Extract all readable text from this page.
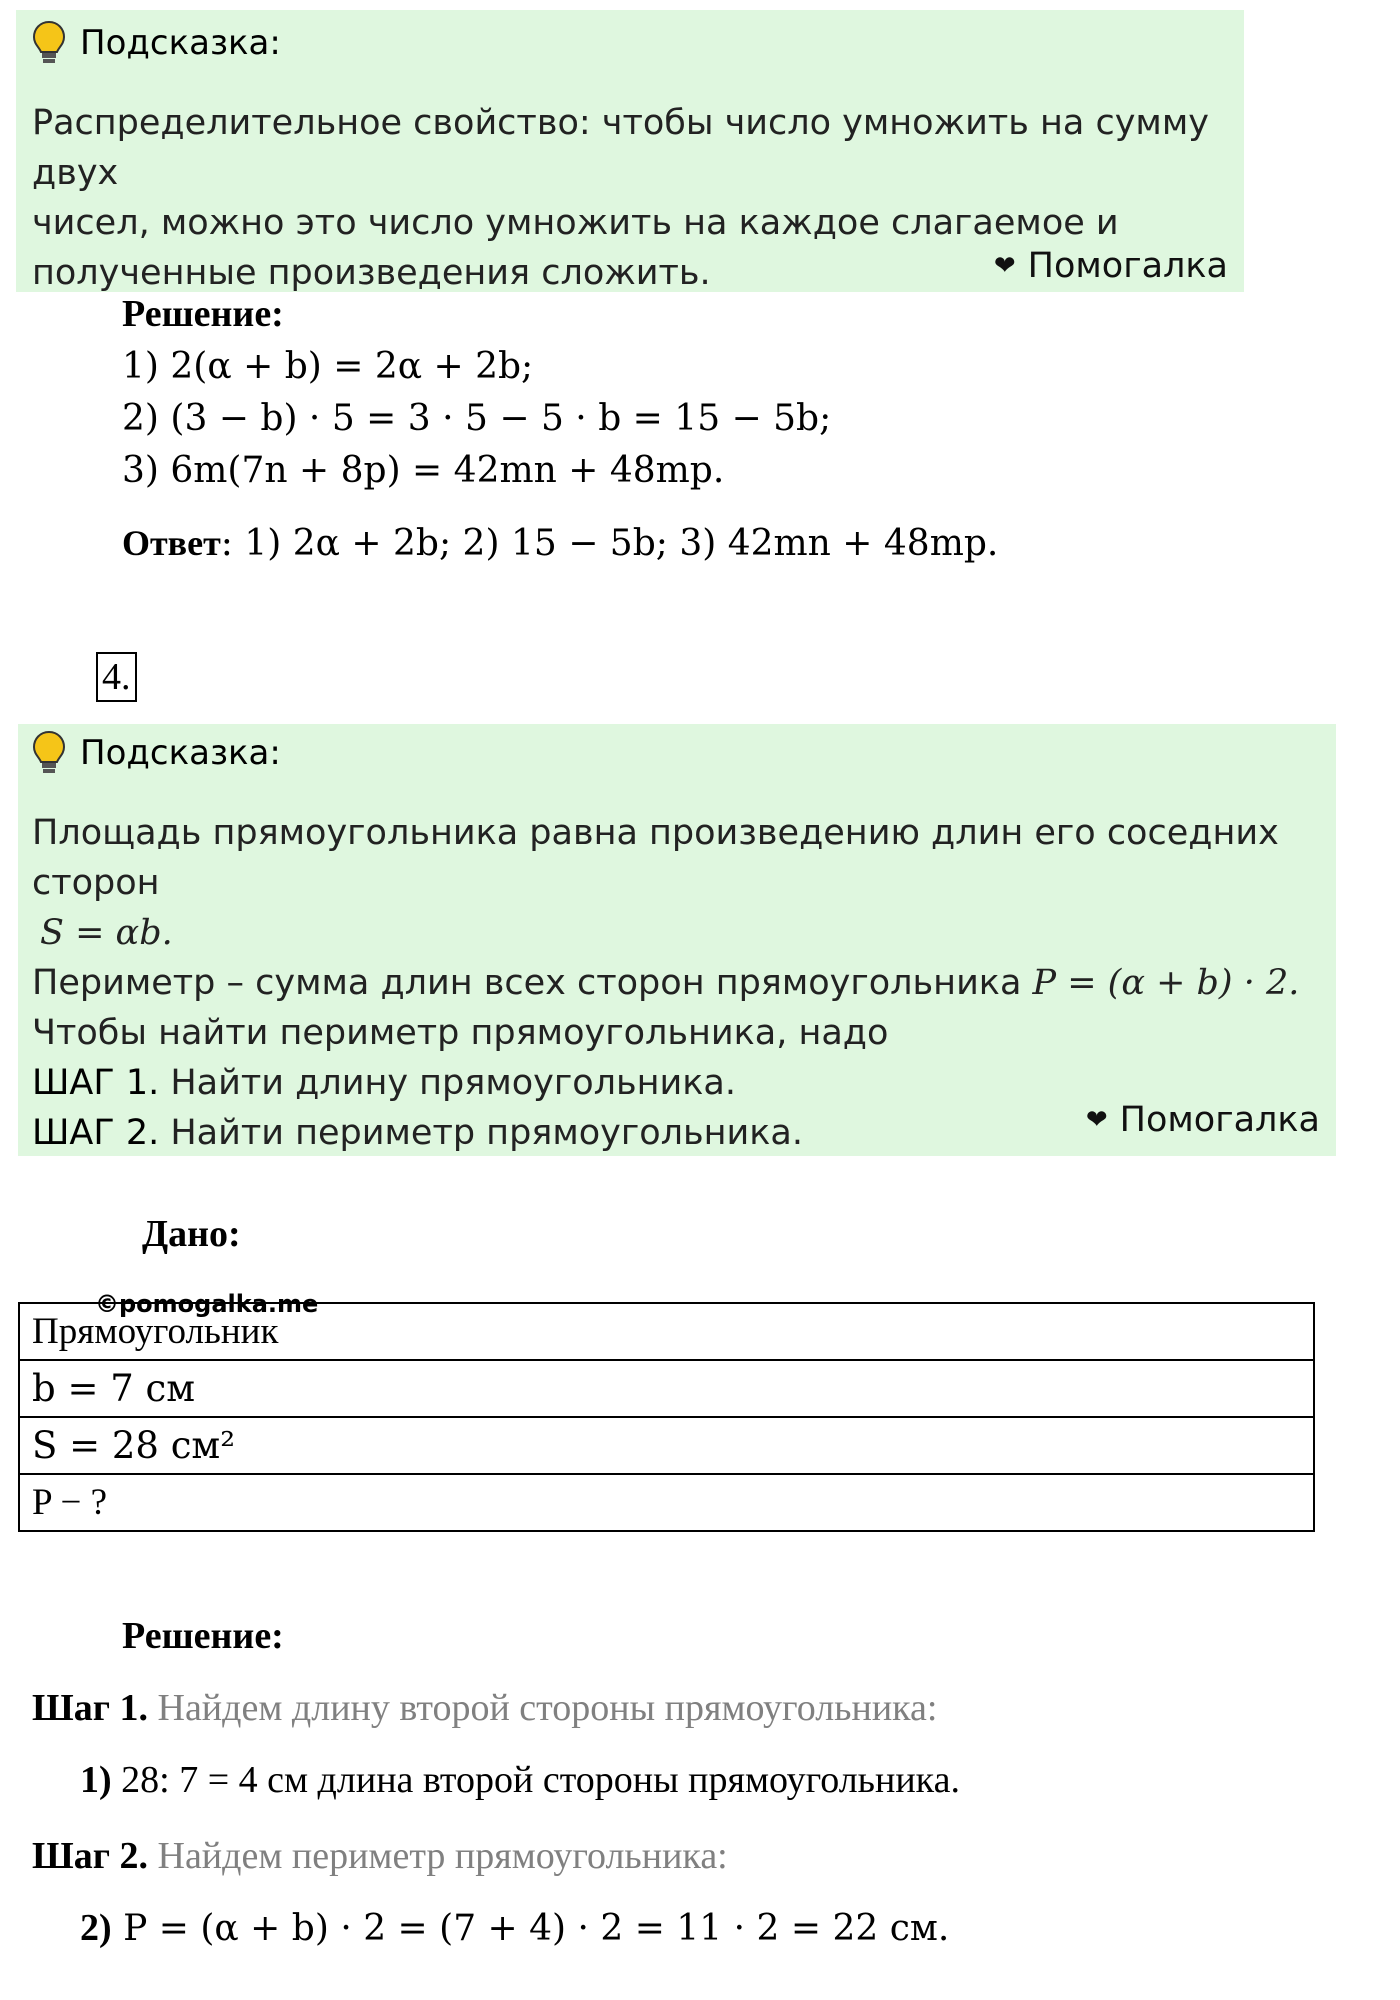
Подсказка:
Распределительное свойство: чтобы число умножить на сумму двух
чисел, можно это число умножить на каждое слагаемое и
полученные произведения сложить.	❤ Помогалка
Решение:
1) 2(α + b) = 2α + 2b;
2) (3 − b) · 5 = 3 · 5 − 5 · b = 15 − 5b;
3) 6m(7n + 8p) = 42mn + 48mp.
Ответ: 1) 2α + 2b; 2) 15 − 5b; 3) 42mn + 48mp.
4.
Подсказка:
Площадь прямоугольника равна произведению длин его соседних сторон
S = αb.
Периметр – сумма длин всех сторон прямоугольника P = (α + b) · 2.
Чтобы найти периметр прямоугольника, надо
ШАГ 1. Найти длину прямоугольника.
ШАГ 2. Найти периметр прямоугольника.	❤ Помогалка
Дано:
Прямоугольник
b = 7 см
S = 28 см²
P − ?
©pomogalka.me
Решение:
Шаг 1. Найдем длину второй стороны прямоугольника:
1) 28: 7 = 4 см длина второй стороны прямоугольника.
Шаг 2. Найдем периметр прямоугольника:
2) P = (α + b) · 2 = (7 + 4) · 2 = 11 · 2 = 22 см.
